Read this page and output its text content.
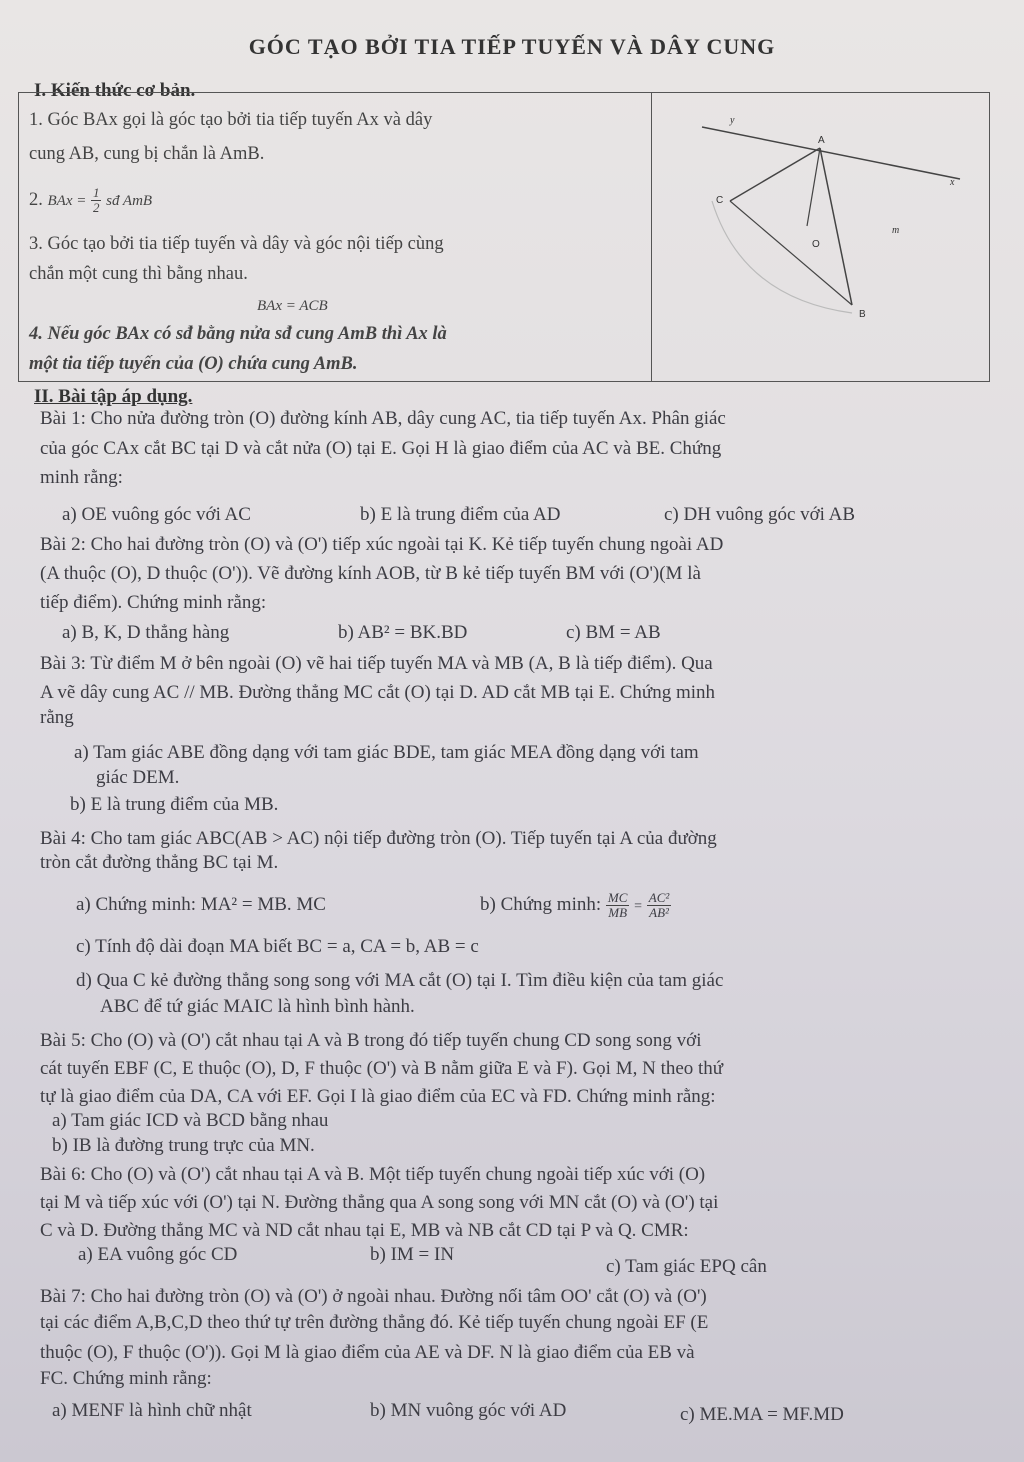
GÓC TẠO BỞI TIA TIẾP TUYẾN VÀ DÂY CUNG
I. Kiến thức cơ bản.
1. Góc BAx gọi là góc tạo bởi tia tiếp tuyến Ax và dây
cung AB, cung bị chắn là AmB.
2. BAx = $\frac{1}{2}$ sđ AmB
3. Góc tạo bởi tia tiếp tuyến và dây và góc nội tiếp cùng
chắn một cung thì bằng nhau.
BAx = ACB
4. Nếu góc BAx có sđ bằng nửa sđ cung AmB thì Ax là
một tia tiếp tuyến của (O) chứa cung AmB.
y
A
x
C
m
O
B
II. Bài tập áp dụng.
Bài 1: Cho nửa đường tròn (O) đường kính AB, dây cung AC, tia tiếp tuyến Ax. Phân giác
của góc CAx cắt BC tại D và cắt nửa (O) tại E. Gọi H là giao điểm của AC và BE. Chứng
minh rằng:
a) OE vuông góc với AC	b) E là trung điểm của AD	c) DH vuông góc với AB
Bài 2: Cho hai đường tròn (O) và (O') tiếp xúc ngoài tại K. Kẻ tiếp tuyến chung ngoài AD
(A thuộc (O), D thuộc (O')). Vẽ đường kính AOB, từ B kẻ tiếp tuyến BM với (O')(M là
tiếp điểm). Chứng minh rằng:
a) B, K, D thẳng hàng	b) AB² = BK.BD	c) BM = AB
Bài 3: Từ điểm M ở bên ngoài (O) vẽ hai tiếp tuyến MA và MB (A, B là tiếp điểm). Qua
A vẽ dây cung AC // MB. Đường thẳng MC cắt (O) tại D. AD cắt MB tại E. Chứng minh
rằng
a) Tam giác ABE đồng dạng với tam giác BDE, tam giác MEA đồng dạng với tam
giác DEM.
b) E là trung điểm của MB.
Bài 4: Cho tam giác ABC(AB > AC) nội tiếp đường tròn (O). Tiếp tuyến tại A của đường
tròn cắt đường thẳng BC tại M.
a) Chứng minh: MA² = MB. MC	b) Chứng minh: $\frac{MC}{MB} = \frac{\text{AC²}}{\text{AB²}}$
c) Tính độ dài đoạn MA biết BC = a, CA = b, AB = c
d) Qua C kẻ đường thẳng song song với MA cắt (O) tại I. Tìm điều kiện của tam giác
ABC để tứ giác MAIC là hình bình hành.
Bài 5: Cho (O) và (O') cắt nhau tại A và B trong đó tiếp tuyến chung CD song song với
cát tuyến EBF (C, E thuộc (O), D, F thuộc (O') và B nằm giữa E và F). Gọi M, N theo thứ
tự là giao điểm của DA, CA với EF. Gọi I là giao điểm của EC và FD. Chứng minh rằng:
a) Tam giác ICD và BCD bằng nhau
b) IB là đường trung trực của MN.
Bài 6: Cho (O) và (O') cắt nhau tại A và B. Một tiếp tuyến chung ngoài tiếp xúc với (O)
tại M và tiếp xúc với (O') tại N. Đường thẳng qua A song song với MN cắt (O) và (O') tại
C và D. Đường thẳng MC và ND cắt nhau tại E, MB và NB cắt CD tại P và Q. CMR:
a) EA vuông góc CD	b) IM = IN
c) Tam giác EPQ cân
Bài 7: Cho hai đường tròn (O) và (O') ở ngoài nhau. Đường nối tâm OO' cắt (O) và (O')
tại các điểm A,B,C,D theo thứ tự trên đường thẳng đó. Kẻ tiếp tuyến chung ngoài EF (E
thuộc (O), F thuộc (O')). Gọi M là giao điểm của AE và DF. N là giao điểm của EB và
FC. Chứng minh rằng:
a) MENF là hình chữ nhật	b) MN vuông góc với AD	c) ME.MA = MF.MD
